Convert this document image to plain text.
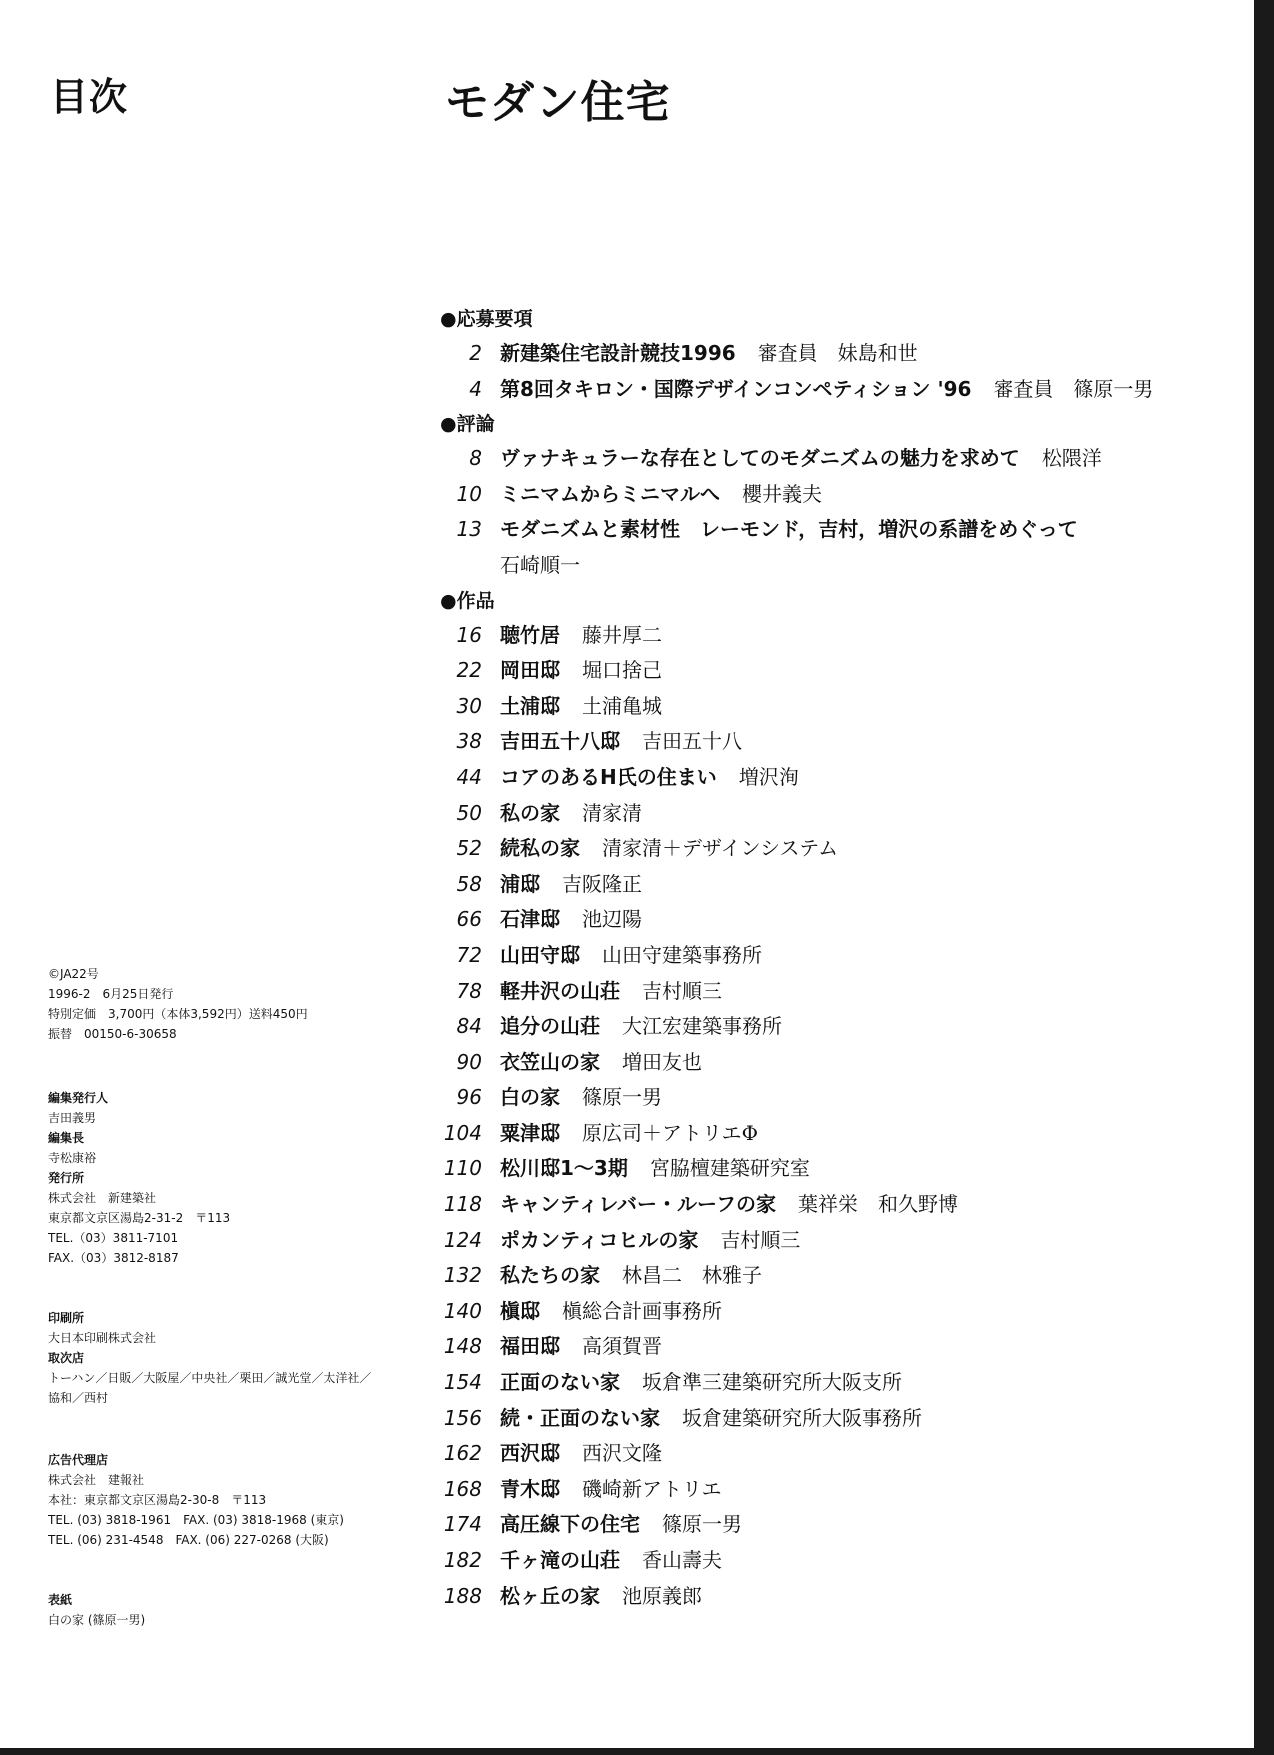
目次	モダン住宅
●応募要項
2 新建築住宅設計競技1996 審査員　妹島和世
4 第8回タキロン・国際デザインコンペティション '96 審査員　篠原一男
●評論
8 ヴァナキュラーな存在としてのモダニズムの魅力を求めて 松隈洋
10 ミニマムからミニマルへ 櫻井義夫
13 モダニズムと素材性　レーモンド，吉村，増沢の系譜をめぐって
石崎順一
●作品
16 聴竹居 藤井厚二
22 岡田邸 堀口捨己
30 土浦邸 土浦亀城
38 吉田五十八邸 吉田五十八
44 コアのあるH氏の住まい 増沢洵
50 私の家 清家清
52 続私の家 清家清＋デザインシステム
58 浦邸 吉阪隆正
66 石津邸 池辺陽
72 山田守邸 山田守建築事務所
78 軽井沢の山荘 吉村順三
84 追分の山荘 大江宏建築事務所
90 衣笠山の家 増田友也
96 白の家 篠原一男
104 粟津邸 原広司＋アトリエΦ
110 松川邸1〜3期 宮脇檀建築研究室
118 キャンティレバー・ルーフの家 葉祥栄　和久野博
124 ポカンティコヒルの家 吉村順三
132 私たちの家 林昌二　林雅子
140 槇邸 槇総合計画事務所
148 福田邸 高須賀晋
154 正面のない家 坂倉準三建築研究所大阪支所
156 続・正面のない家 坂倉建築研究所大阪事務所
162 西沢邸 西沢文隆
168 青木邸 磯崎新アトリエ
174 高圧線下の住宅 篠原一男
182 千ヶ滝の山荘 香山壽夫
188 松ヶ丘の家 池原義郎
©JA22号
1996-2　6月25日発行
特別定価　3,700円（本体3,592円）送料450円
振替　00150-6-30658
編集発行人
吉田義男
編集長
寺松康裕
発行所
株式会社　新建築社
東京都文京区湯島2-31-2　〒113
TEL.（03）3811-7101
FAX.（03）3812-8187
印刷所
大日本印刷株式会社
取次店
トーハン／日販／大阪屋／中央社／栗田／誠光堂／太洋社／
協和／西村
広告代理店
株式会社　建報社
本社：東京都文京区湯島2-30-8　〒113
TEL. (03) 3818-1961　FAX. (03) 3818-1968 (東京)
TEL. (06) 231-4548　FAX. (06) 227-0268 (大阪)
表紙
白の家 (篠原一男)
